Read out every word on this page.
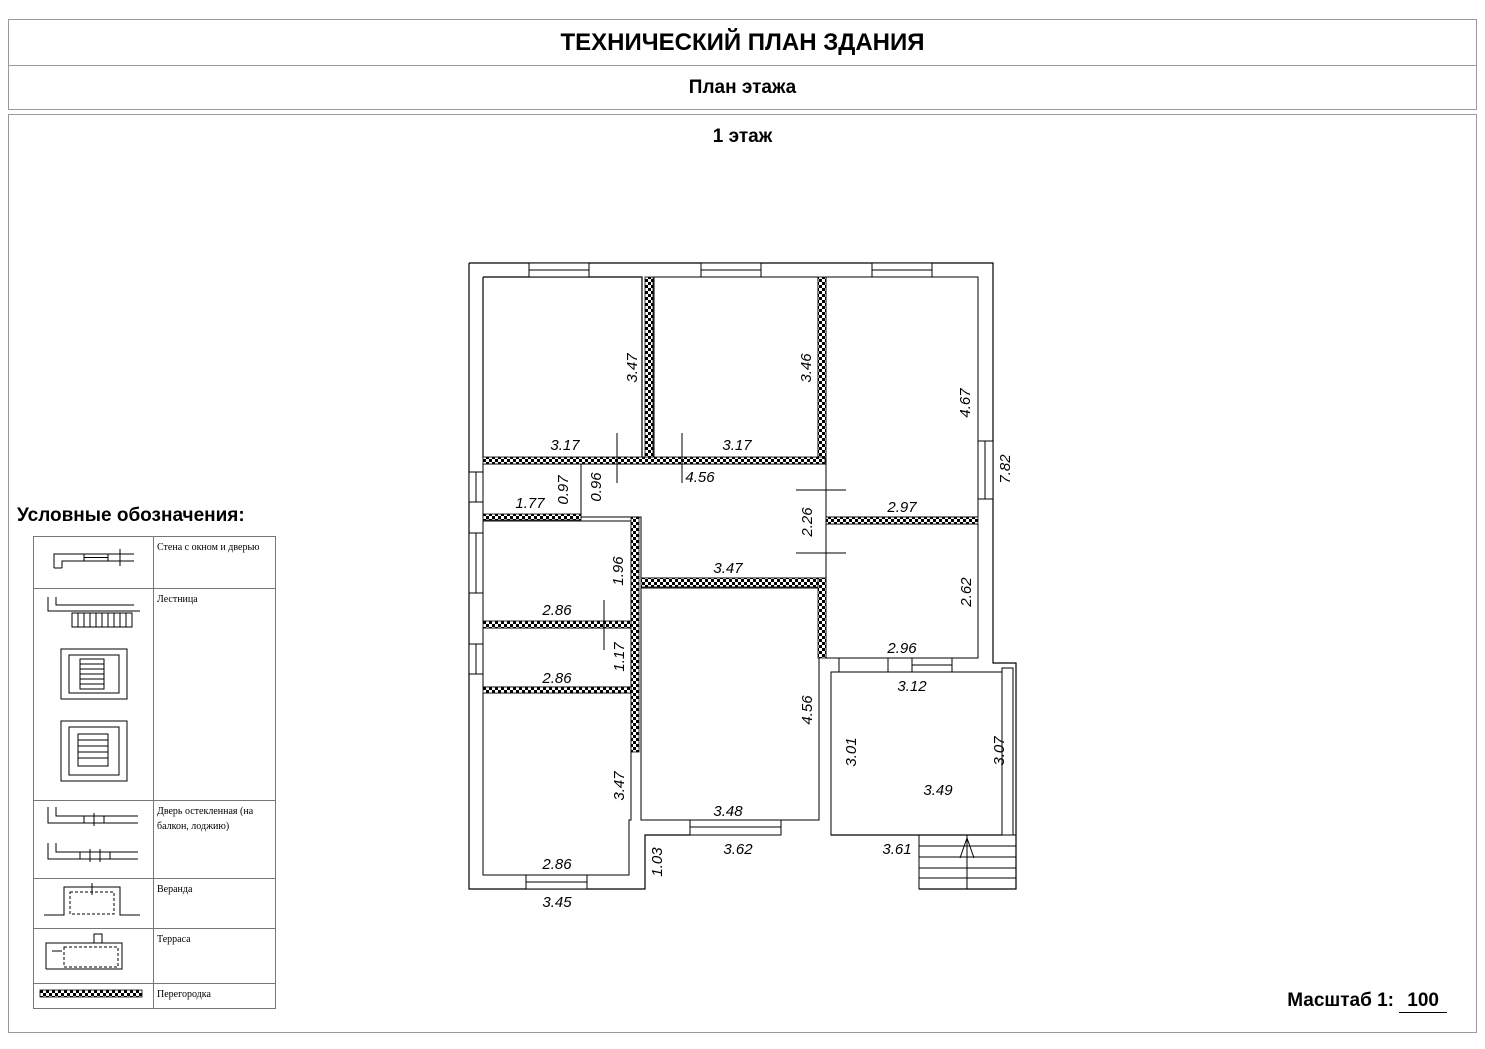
ТЕХНИЧЕСКИЙ ПЛАН ЗДАНИЯ
План этажа
1 этаж
3.47	3.46
4.67
7.82
3.17	3.17
4.56
0.97 0.96
1.77
2.26	2.97
1.96	3.47
2.62
2.86
1.17	2.96
2.86	3.12
4.56
3.01	3.07
3.49
3.47
3.48
3.62	3.61
1.03
2.86
3.45
Условные обозначения:
	Стена с окном и дверью
	Лестница
	Дверь остекленная (на балкон, лоджию)
	Веранда
	Терраса
	Перегородка	Масштаб 1: 100
